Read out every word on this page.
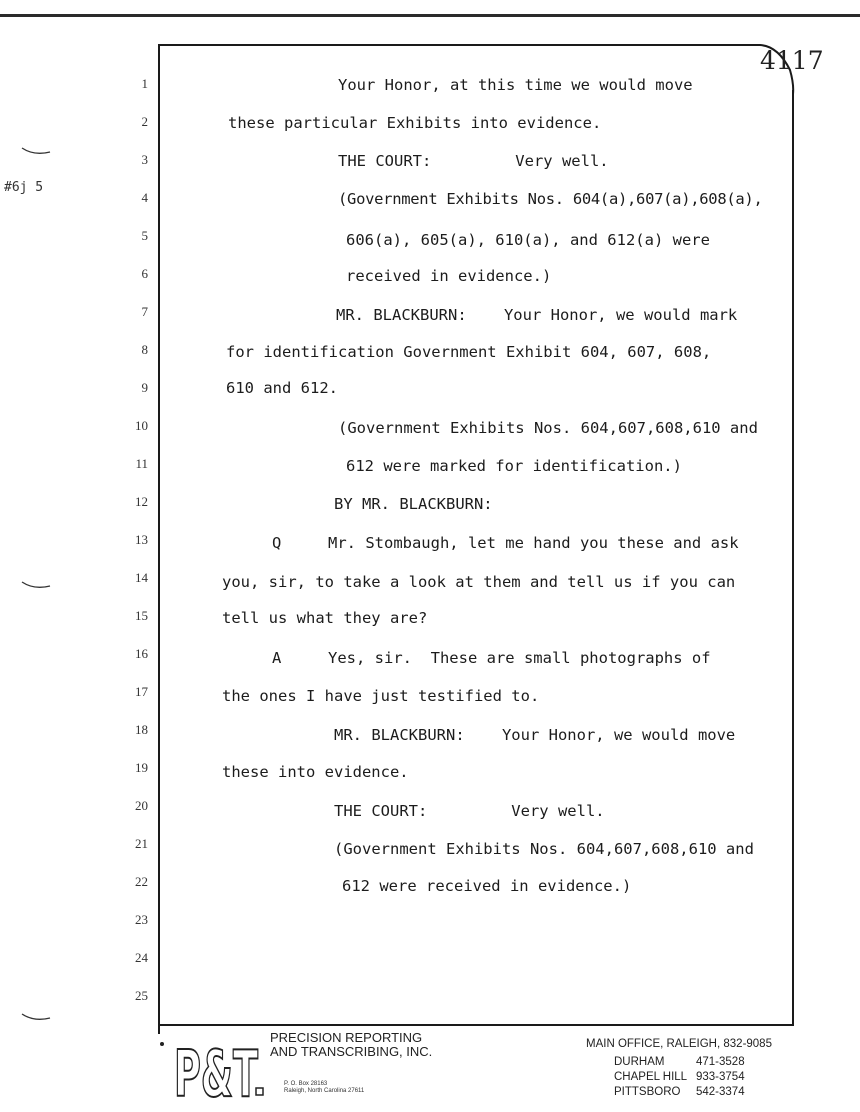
4117
#6j 5
1
2
3
4
5
6
7
8
9
10
11
12
13
14
15
16
17
18
19
20
21
22
23
24
25
Your Honor, at this time we would move
these particular Exhibits into evidence.
THE COURT:         Very well.
(Government Exhibits Nos. 604(a),607(a),608(a),
606(a), 605(a), 610(a), and 612(a) were
received in evidence.)
MR. BLACKBURN:    Your Honor, we would mark
for identification Government Exhibit 604, 607, 608,
610 and 612.
(Government Exhibits Nos. 604,607,608,610 and
612 were marked for identification.)
BY MR. BLACKBURN:
Q     Mr. Stombaugh, let me hand you these and ask
you, sir, to take a look at them and tell us if you can
tell us what they are?
A     Yes, sir.  These are small photographs of
the ones I have just testified to.
MR. BLACKBURN:    Your Honor, we would move
these into evidence.
THE COURT:         Very well.
(Government Exhibits Nos. 604,607,608,610 and
612 were received in evidence.)
P&T
PRECISION REPORTING
AND TRANSCRIBING, INC.
P. O. Box 28163
Raleigh, North Carolina 27611
MAIN OFFICE, RALEIGH, 832-9085
DURHAM	471-3528
CHAPEL HILL 933-3754
PITTSBORO 542-3374
